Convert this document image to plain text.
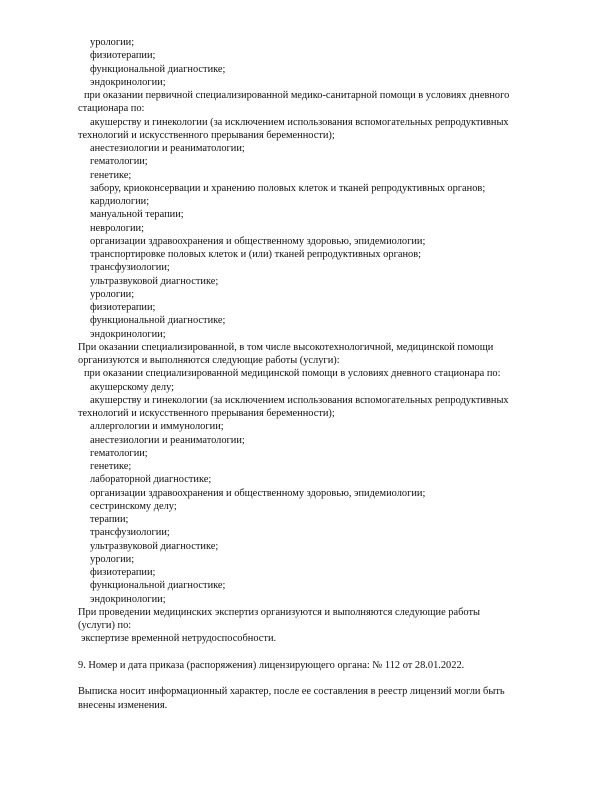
урологии;
физиотерапии;
функциональной диагностике;
эндокринологии;
при оказании первичной специализированной медико-санитарной помощи в условиях дневного
стационара по:
акушерству и гинекологии (за исключением использования вспомогательных репродуктивных
технологий и искусственного прерывания беременности);
анестезиологии и реаниматологии;
гематологии;
генетике;
забору, криоконсервации и хранению половых клеток и тканей репродуктивных органов;
кардиологии;
мануальной терапии;
неврологии;
организации здравоохранения и общественному здоровью, эпидемиологии;
транспортировке половых клеток и (или) тканей репродуктивных органов;
трансфузиологии;
ультразвуковой диагностике;
урологии;
физиотерапии;
функциональной диагностике;
эндокринологии;
При оказании специализированной, в том числе высокотехнологичной, медицинской помощи
организуются и выполняются следующие работы (услуги):
при оказании специализированной медицинской помощи в условиях дневного стационара по:
акушерскому делу;
акушерству и гинекологии (за исключением использования вспомогательных репродуктивных
технологий и искусственного прерывания беременности);
аллергологии и иммунологии;
анестезиологии и реаниматологии;
гематологии;
генетике;
лабораторной диагностике;
организации здравоохранения и общественному здоровью, эпидемиологии;
сестринскому делу;
терапии;
трансфузиологии;
ультразвуковой диагностике;
урологии;
физиотерапии;
функциональной диагностике;
эндокринологии;
При проведении медицинских экспертиз организуются и выполняются следующие работы
(услуги) по:
экспертизе временной нетрудоспособности.
9. Номер и дата приказа (распоряжения) лицензирующего органа: № 112 от 28.01.2022.
Выписка носит информационный характер, после ее составления в реестр лицензий могли быть
внесены изменения.
